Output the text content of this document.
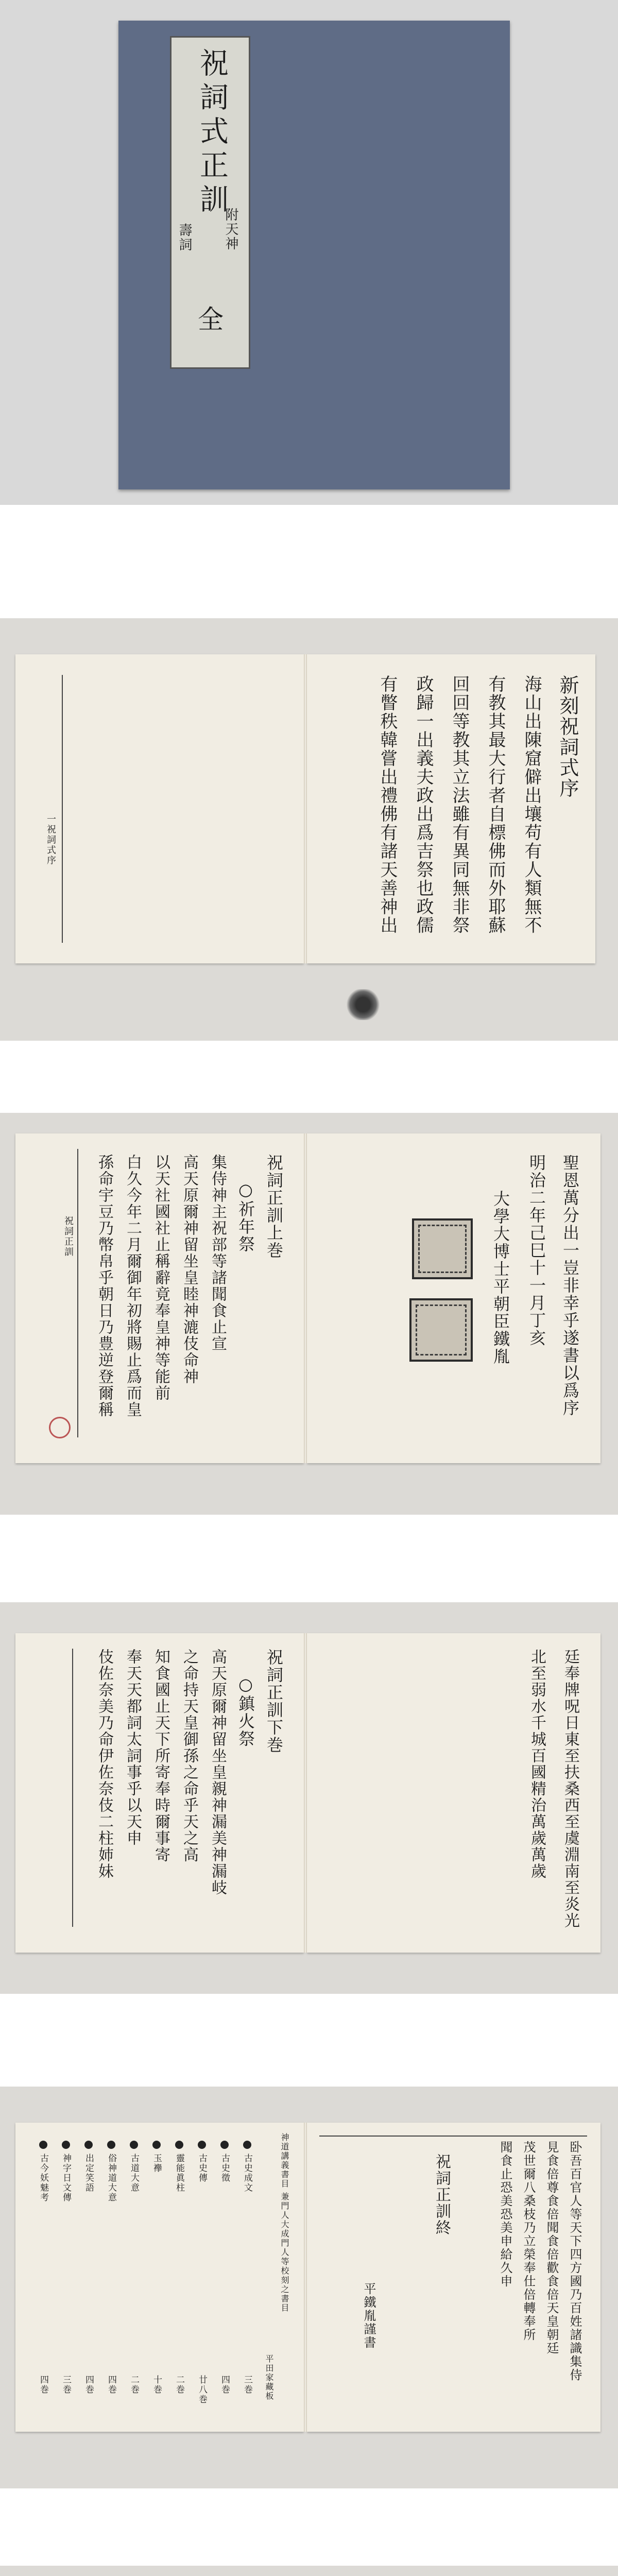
祝詞式正訓
附天神
壽詞
全
一祝詞式序
新刻祝詞式序
海山出陳窟僻出壤苟有人類無不
有教其最大行者自標佛而外耶蘇
回回等教其立法雖有異同無非祭
政歸一出義夫政出爲吉祭也政儒
有瞥秩韓嘗出禮佛有諸天善神出
聖恩萬分出一豈非幸乎遂書以爲序
明治二年己巳十一月丁亥
大學大博士平朝臣鐵胤
祝詞正訓	祝詞正訓上巻
○祈年祭
集侍神主祝部等諸聞食止宣
高天原爾神留坐皇睦神漉伎命神
以天社國社止稱辭竟奉皇神等能前
白久今年二月爾御年初將賜止爲而皇
孫命宇豆乃幣帛乎朝日乃豊逆登爾稱
廷奉牌呪日東至扶桑西至虞淵南至炎光
北至弱水千城百國精治萬歲萬歲
祝詞正訓下巻
○鎮火祭
高天原爾神留坐皇親神漏美神漏岐
之命持天皇御孫之命乎天之高
知食國止天下所寄奉時爾事寄
奉天天都詞太詞事乎以天申
伎佐奈美乃命伊佐奈伎二柱姉妹
卧吾百官人等天下四方國乃百姓諸識集侍
見食倍尊食倍聞食倍歡食倍天皇朝廷
茂世爾八桑枝乃立榮奉仕倍轉奉所
聞食止恐美恐美申給久申
祝詞正訓終
平鐵胤謹書
神道講義書目 兼門人大成門人等校刻之書目
平田家藏板
古史成文
三巻
古史徵
四巻
古史傳
廿八巻
靈能眞柱
二巻
玉襷
十巻
古道大意
二巻
俗神道大意
四巻
出定笑語
四巻
神字日文傳
三巻
古今妖魅考
四巻
